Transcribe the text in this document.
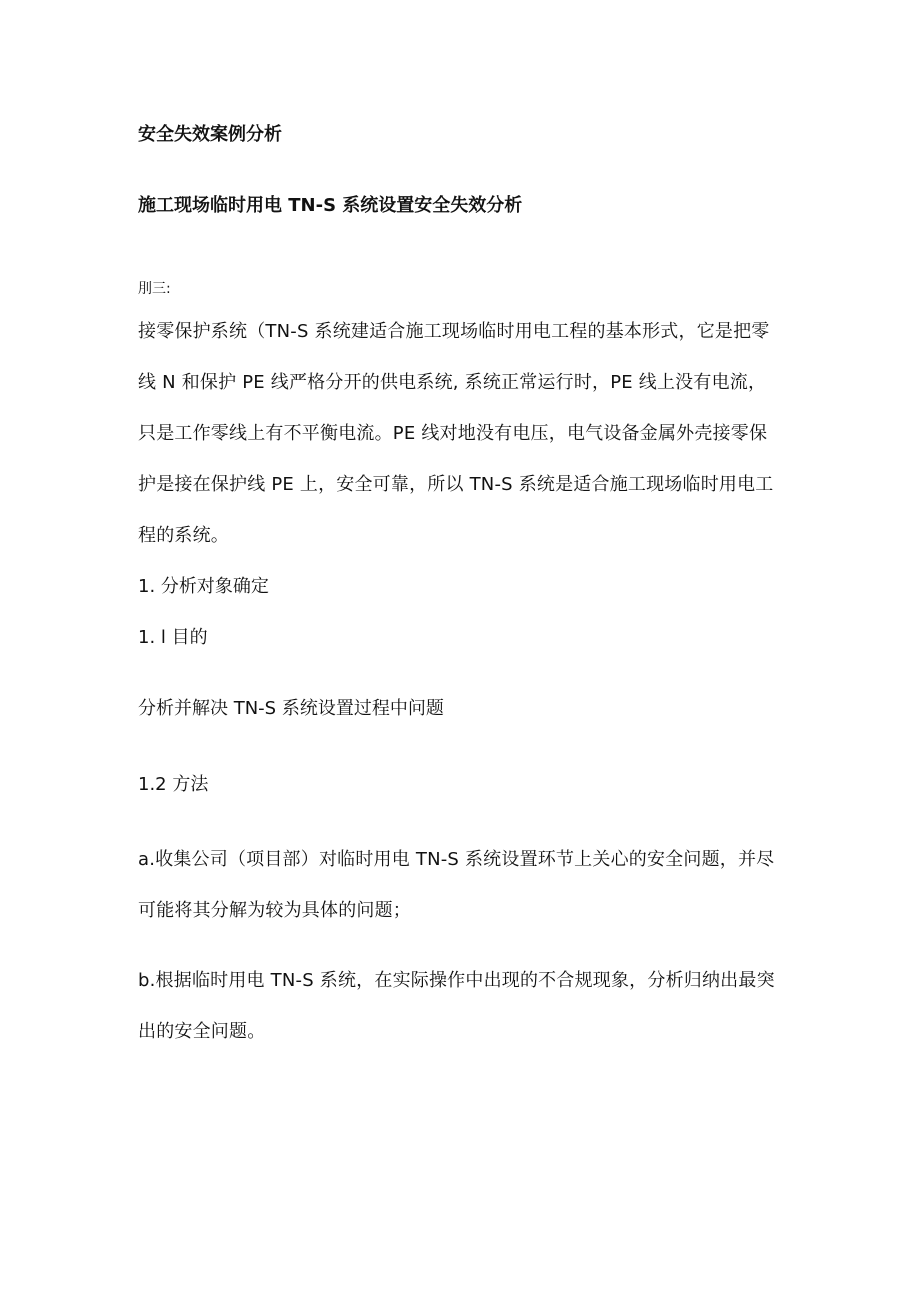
安全失效案例分析
施工现场临时用电 TN-S 系统设置安全失效分析
刖三:
接零保护系统（TN-S 系统建适合施工现场临时用电工程的基本形式，它是把零
线 N 和保护 PE 线严格分开的供电系统, 系统正常运行时，PE 线上没有电流，
只是工作零线上有不平衡电流。PE 线对地没有电压，电气设备金属外壳接零保
护是接在保护线 PE 上，安全可靠，所以 TN-S 系统是适合施工现场临时用电工
程的系统。
1. 分析对象确定
1. l 目的
分析并解决 TN-S 系统设置过程中问题
1.2 方法
a.收集公司（项目部）对临时用电 TN-S 系统设置环节上关心的安全问题，并尽
可能将其分解为较为具体的问题；
b.根据临时用电 TN-S 系统，在实际操作中出现的不合规现象，分析归纳出最突
出的安全问题。
